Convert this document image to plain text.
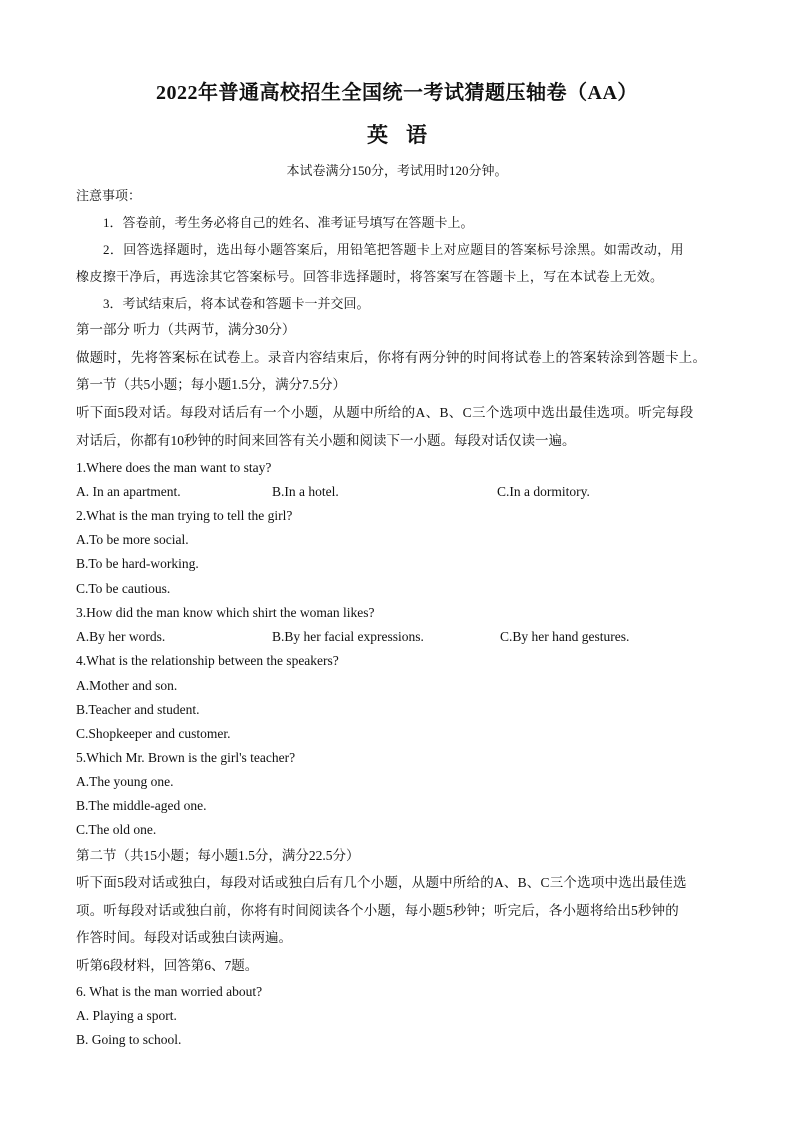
2022年普通高校招生全国统一考试猜题压轴卷（AA）
英语
本试卷满分150分，考试用时120分钟。
注意事项：
1．答卷前，考生务必将自己的姓名、准考证号填写在答题卡上。
2．回答选择题时，选出每小题答案后，用铅笔把答题卡上对应题目的答案标号涂黑。如需改动，用
橡皮擦干净后，再选涂其它答案标号。回答非选择题时，将答案写在答题卡上，写在本试卷上无效。
3．考试结束后，将本试卷和答题卡一并交回。
第一部分 听力（共两节，满分30分）
做题时，先将答案标在试卷上。录音内容结束后，你将有两分钟的时间将试卷上的答案转涂到答题卡上。
第一节（共5小题；每小题1.5分，满分7.5分）
听下面5段对话。每段对话后有一个小题，从题中所给的A、B、C三个选项中选出最佳选项。听完每段
对话后，你都有10秒钟的时间来回答有关小题和阅读下一小题。每段对话仅读一遍。
1.Where does the man want to stay?
A. In an apartment.	B.In a hotel.	C.In a dormitory.
2.What is the man trying to tell the girl?
A.To be more social.
B.To be hard-working.
C.To be cautious.
3.How did the man know which shirt the woman likes?
A.By her words.	B.By her facial expressions.	C.By her hand gestures.
4.What is the relationship between the speakers?
A.Mother and son.
B.Teacher and student.
C.Shopkeeper and customer.
5.Which Mr. Brown is the girl's teacher?
A.The young one.
B.The middle-aged one.
C.The old one.
第二节（共15小题；每小题1.5分，满分22.5分）
听下面5段对话或独白，每段对话或独白后有几个小题，从题中所给的A、B、C三个选项中选出最佳选
项。听每段对话或独白前，你将有时间阅读各个小题，每小题5秒钟；听完后，各小题将给出5秒钟的
作答时间。每段对话或独白读两遍。
听第6段材料，回答第6、7题。
6. What is the man worried about?
A. Playing a sport.
B. Going to school.
